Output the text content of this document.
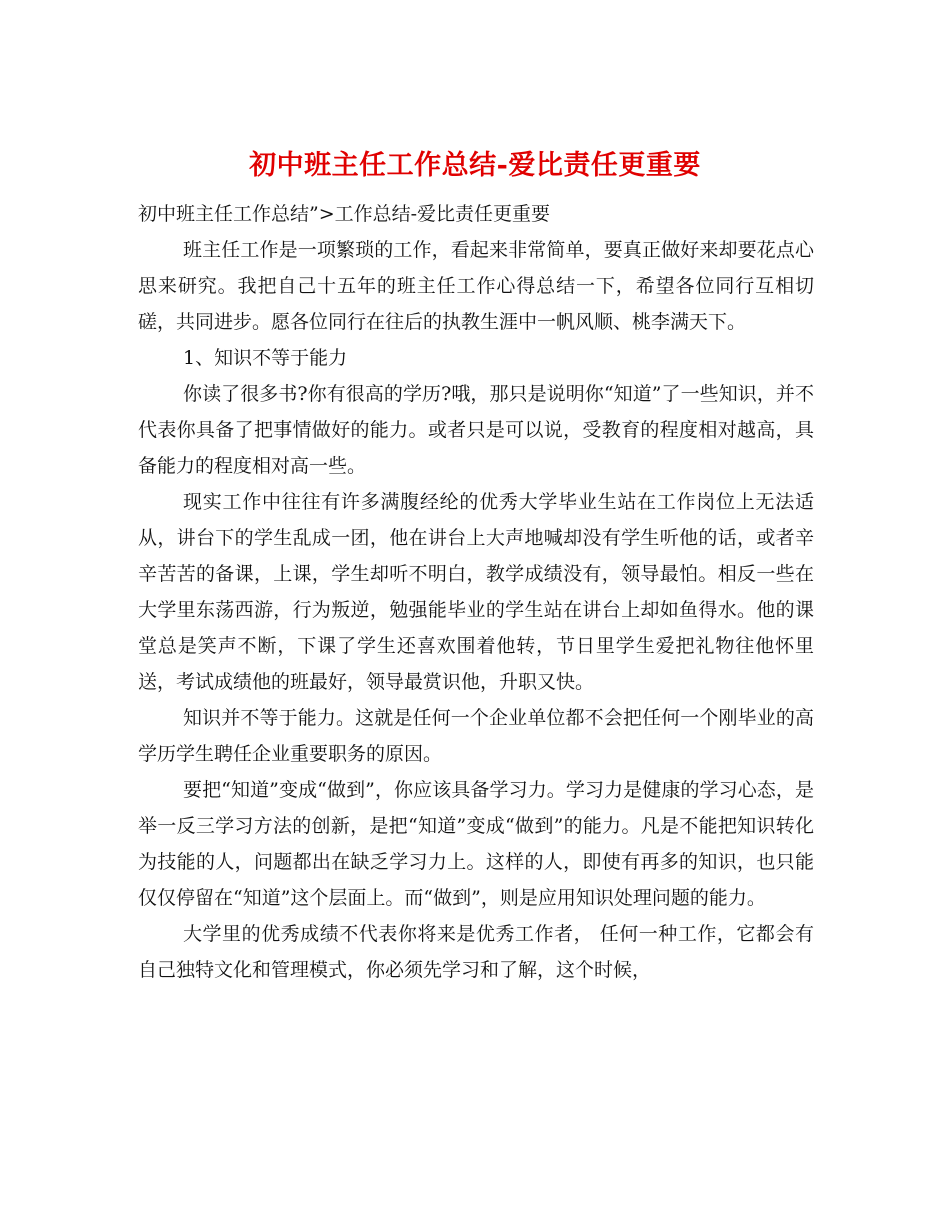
初中班主任工作总结-爱比责任更重要

初中班主任工作总结”>工作总结-爱比责任更重要

班主任工作是一项繁琐的工作，看起来非常简单，要真正做好来却要花点心思来研究。我把自己十五年的班主任工作心得总结一下，希望各位同行互相切磋，共同进步。愿各位同行在往后的执教生涯中一帆风顺、桃李满天下。

1、知识不等于能力

你读了很多书?你有很高的学历?哦，那只是说明你“知道”了一些知识，并不代表你具备了把事情做好的能力。或者只是可以说，受教育的程度相对越高，具备能力的程度相对高一些。

现实工作中往往有许多满腹经纶的优秀大学毕业生站在工作岗位上无法适从，讲台下的学生乱成一团，他在讲台上大声地喊却没有学生听他的话，或者辛辛苦苦的备课，上课，学生却听不明白，教学成绩没有，领导最怕。相反一些在大学里东荡西游，行为叛逆，勉强能毕业的学生站在讲台上却如鱼得水。他的课堂总是笑声不断，下课了学生还喜欢围着他转，节日里学生爱把礼物往他怀里送，考试成绩他的班最好，领导最赏识他，升职又快。

知识并不等于能力。这就是任何一个企业单位都不会把任何一个刚毕业的高学历学生聘任企业重要职务的原因。

要把“知道”变成“做到”，你应该具备学习力。学习力是健康的学习心态，是举一反三学习方法的创新，是把“知道”变成“做到”的能力。凡是不能把知识转化为技能的人，问题都出在缺乏学习力上。这样的人，即使有再多的知识，也只能仅仅停留在“知道”这个层面上。而“做到”，则是应用知识处理问题的能力。

大学里的优秀成绩不代表你将来是优秀工作者， 任何一种工作，它都会有自己独特文化和管理模式，你必须先学习和了解，这个时候，
